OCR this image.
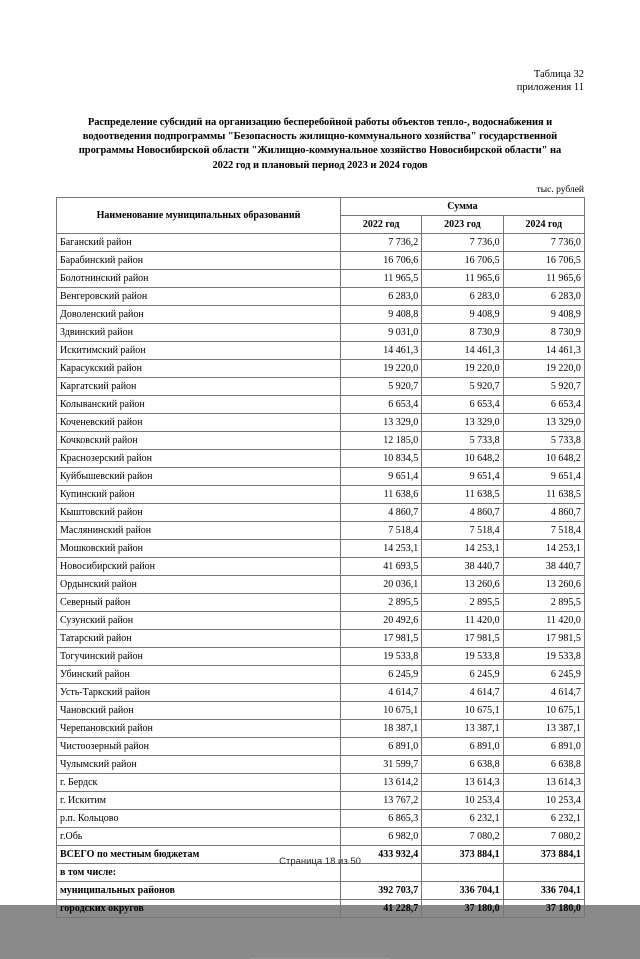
Таблица 32
приложения 11
Распределение субсидий на организацию бесперебойной работы объектов тепло-, водоснабжения и
водоотведения подпрограммы "Безопасность жилищно-коммунального хозяйства" государственной
программы Новосибирской области "Жилищно-коммунальное хозяйство Новосибирской области" на
2022 год и плановый период 2023 и 2024 годов
тыс. рублей
Наименование муниципальных образований	Сумма		
	2022 год	2023 год	2024 год
Баганский район	7 736,2	7 736,0	7 736,0
Барабинский район	16 706,6	16 706,5	16 706,5
Болотнинский район	11 965,5	11 965,6	11 965,6
Венгеровский район	6 283,0	6 283,0	6 283,0
Доволенский район	9 408,8	9 408,9	9 408,9
Здвинский район	9 031,0	8 730,9	8 730,9
Искитимский район	14 461,3	14 461,3	14 461,3
Карасукский район	19 220,0	19 220,0	19 220,0
Каргатский район	5 920,7	5 920,7	5 920,7
Колыванский район	6 653,4	6 653,4	6 653,4
Коченевский район	13 329,0	13 329,0	13 329,0
Кочковский район	12 185,0	5 733,8	5 733,8
Краснозерский район	10 834,5	10 648,2	10 648,2
Куйбышевский район	9 651,4	9 651,4	9 651,4
Купинский район	11 638,6	11 638,5	11 638,5
Кыштовский район	4 860,7	4 860,7	4 860,7
Маслянинский район	7 518,4	7 518,4	7 518,4
Мошковский район	14 253,1	14 253,1	14 253,1
Новосибирский район	41 693,5	38 440,7	38 440,7
Ордынский район	20 036,1	13 260,6	13 260,6
Северный район	2 895,5	2 895,5	2 895,5
Сузунский район	20 492,6	11 420,0	11 420,0
Татарский район	17 981,5	17 981,5	17 981,5
Тогучинский район	19 533,8	19 533,8	19 533,8
Убинский район	6 245,9	6 245,9	6 245,9
Усть-Таркский район	4 614,7	4 614,7	4 614,7
Чановский район	10 675,1	10 675,1	10 675,1
Черепановский район	18 387,1	13 387,1	13 387,1
Чистоозерный район	6 891,0	6 891,0	6 891,0
Чулымский район	31 599,7	6 638,8	6 638,8
г. Бердск	13 614,2	13 614,3	13 614,3
г. Искитим	13 767,2	10 253,4	10 253,4
р.п. Кольцово	6 865,3	6 232,1	6 232,1
г.Обь	6 982,0	7 080,2	7 080,2
ВСЕГО по местным бюджетам	433 932,4	373 884,1	373 884,1
в том числе:			
муниципальных районов	392 703,7	336 704,1	336 704,1
городских округов	41 228,7	37 180,0	37 180,0
Страница 18 из 50
